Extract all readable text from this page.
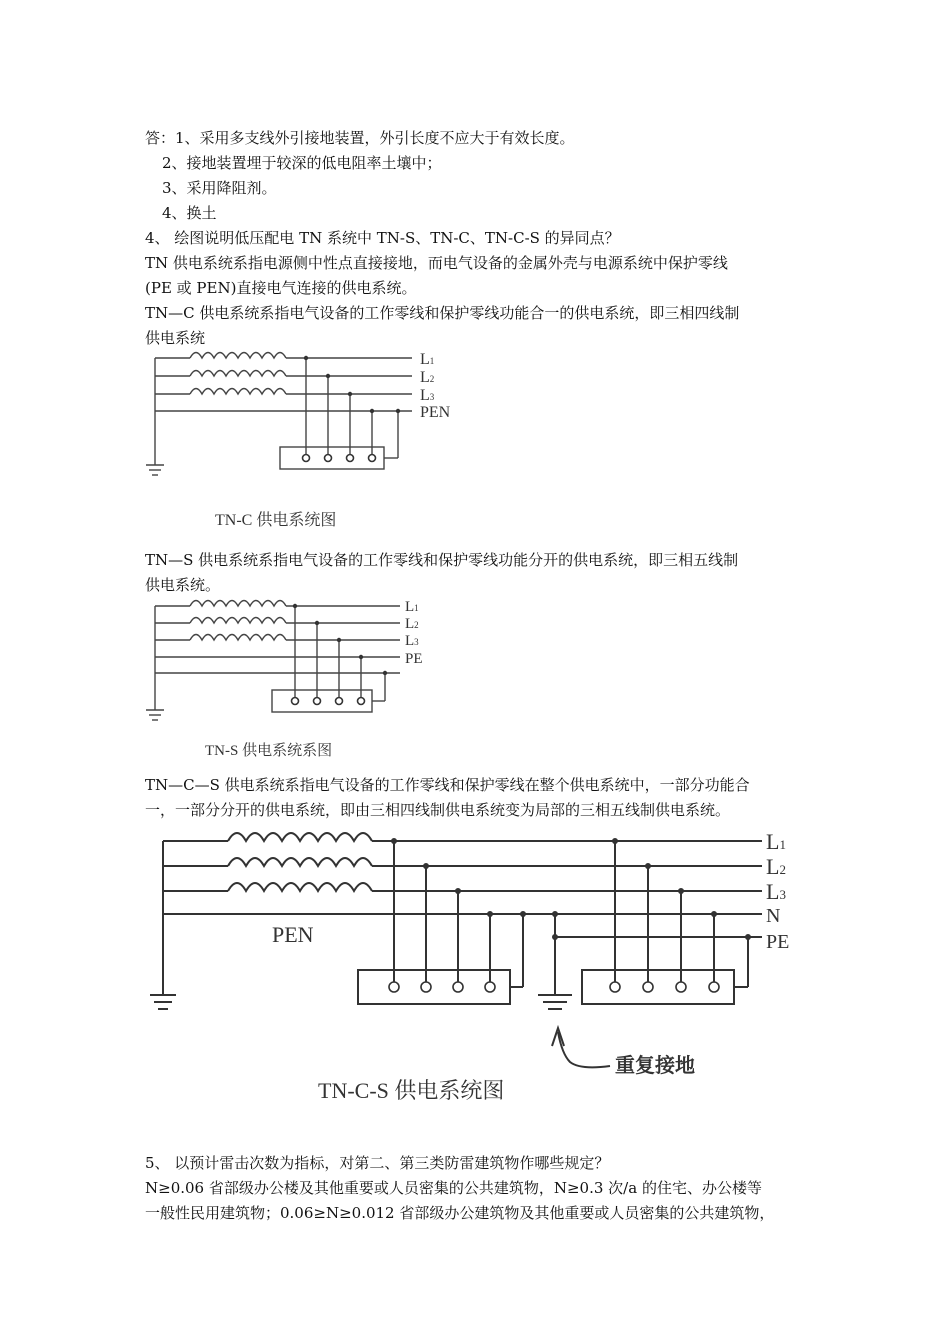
答：1、采用多支线外引接地装置，外引长度不应大于有效长度。
2、接地装置埋于较深的低电阻率土壤中；
3、采用降阻剂。
4、换土
4、 绘图说明低压配电 TN 系统中 TN-S、TN-C、TN-C-S 的异同点？
TN 供电系统系指电源侧中性点直接接地，而电气设备的金属外壳与电源系统中保护零线
(PE 或 PEN)直接电气连接的供电系统。
TN—C 供电系统系指电气设备的工作零线和保护零线功能合一的供电系统，即三相四线制
供电系统
L1
L2
L3
PEN
TN-C 供电系统图
TN—S 供电系统系指电气设备的工作零线和保护零线功能分开的供电系统，即三相五线制
供电系统。
L1
L2
L3
PE
TN-S 供电系统系图
TN—C—S 供电系统系指电气设备的工作零线和保护零线在整个供电系统中，一部分功能合
一，一部分分开的供电系统，即由三相四线制供电系统变为局部的三相五线制供电系统。
L1
L2
L3
N
PE
PEN
重复接地
TN-C-S 供电系统图
5、 以预计雷击次数为指标，对第二、第三类防雷建筑物作哪些规定？
N≥0.06 省部级办公楼及其他重要或人员密集的公共建筑物，N≥0.3 次/a 的住宅、办公楼等
一般性民用建筑物；0.06≥N≥0.012 省部级办公建筑物及其他重要或人员密集的公共建筑物，
